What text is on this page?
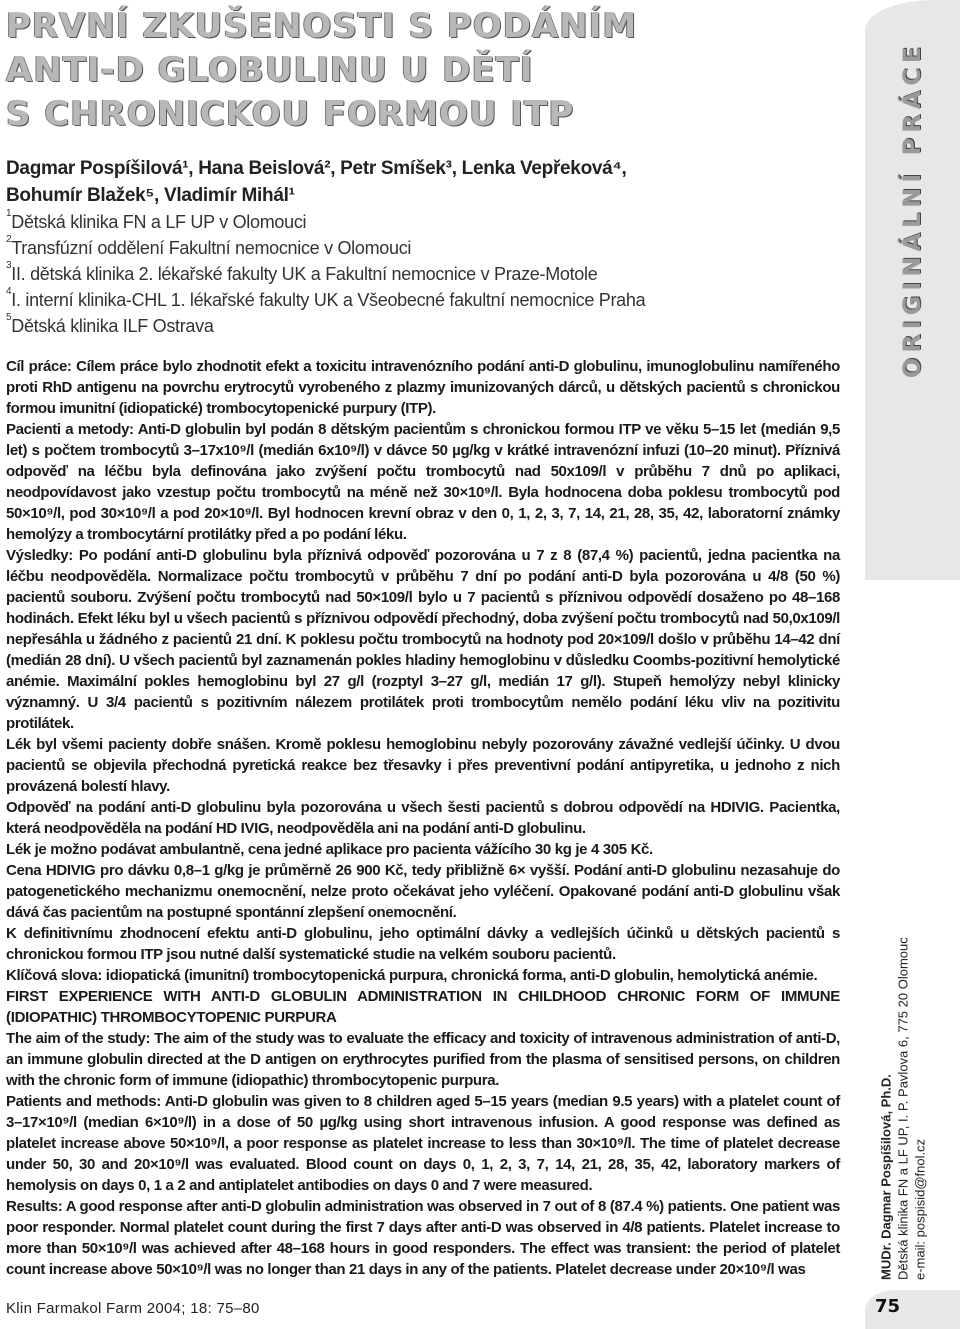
ORIGINÁLNÍ PRÁCE
PRVNÍ ZKUŠENOSTI S PODÁNÍM
ANTI-D GLOBULINU U DĚTÍ
S CHRONICKOU FORMOU ITP
Dagmar Pospíšilová¹, Hana Beislová², Petr Smíšek³, Lenka Vepřeková⁴,
Bohumír Blažek⁵, Vladimír Mihál¹
$^1$Dětská klinika FN a LF UP v Olomouci
$^2$Transfúzní oddělení Fakultní nemocnice v Olomouci
$^3$II. dětská klinika 2. lékařské fakulty UK a Fakultní nemocnice v Praze-Motole
$^4$I. interní klinika-CHL 1. lékařské fakulty UK a Všeobecné fakultní nemocnice Praha
$^5$Dětská klinika ILF Ostrava

Cíl práce: Cílem práce bylo zhodnotit efekt a toxicitu intravenózního podání anti-D globulinu, imunoglobulinu namířeného proti RhD antigenu na povrchu erytrocytů vyrobeného z plazmy imunizovaných dárců, u dětských pacientů s chronickou formou imunitní (idiopatické) trombocytopenické purpury (ITP).

Pacienti a metody: Anti-D globulin byl podán 8 dětským pacientům s chronickou formou ITP ve věku 5–15 let (medián 9,5 let) s počtem trombocytů 3–17x10⁹/l (medián 6x10⁹/l) v dávce 50 µg/kg v krátké intravenózní infuzi (10–20 minut). Příznivá odpověď na léčbu byla definována jako zvýšení počtu trombocytů nad 50x109/l v průběhu 7 dnů po aplikaci, neodpovídavost jako vzestup počtu trombocytů na méně než 30×10⁹/l. Byla hodnocena doba poklesu trombocytů pod 50×10⁹/l, pod 30×10⁹/l a pod 20×10⁹/l. Byl hodnocen krevní obraz v den 0, 1, 2, 3, 7, 14, 21, 28, 35, 42, laboratorní známky hemolýzy a trombocytární protilátky před a po podání léku.

Výsledky: Po podání anti-D globulinu byla příznivá odpověď pozorována u 7 z 8 (87,4 %) pacientů, jedna pacientka na léčbu neodpověděla. Normalizace počtu trombocytů v průběhu 7 dní po podání anti-D byla pozorována u 4/8 (50 %) pacientů souboru. Zvýšení počtu trombocytů nad 50×109/l bylo u 7 pacientů s příznivou odpovědí dosaženo po 48–168 hodinách. Efekt léku byl u všech pacientů s příznivou odpovědí přechodný, doba zvýšení počtu trombocytů nad 50,0x109/l nepřesáhla u žádného z pacientů 21 dní. K poklesu počtu trombocytů na hodnoty pod 20×109/l došlo v průběhu 14–42 dní (medián 28 dní). U všech pacientů byl zaznamenán pokles hladiny hemoglobinu v důsledku Coombs-pozitivní hemolytické anémie. Maximální pokles hemoglobinu byl 27 g/l (rozptyl 3–27 g/l, medián 17 g/l). Stupeň hemolýzy nebyl klinicky významný. U 3/4 pacientů s pozitivním nálezem protilátek proti trombocytům nemělo podání léku vliv na pozitivitu protilátek.

Lék byl všemi pacienty dobře snášen. Kromě poklesu hemoglobinu nebyly pozorovány závažné vedlejší účinky. U dvou pacientů se objevila přechodná pyretická reakce bez třesavky i přes preventivní podání antipyretika, u jednoho z nich provázená bolestí hlavy.

Odpověď na podání anti-D globulinu byla pozorována u všech šesti pacientů s dobrou odpovědí na HDIVIG. Pacientka, která neodpověděla na podání HD IVIG, neodpověděla ani na podání anti-D globulinu.

Lék je možno podávat ambulantně, cena jedné aplikace pro pacienta vážícího 30 kg je 4 305 Kč.

Cena HDIVIG pro dávku 0,8–1 g/kg je průměrně 26 900 Kč, tedy přibližně 6× vyšší. Podání anti-D globulinu nezasahuje do patogenetického mechanizmu onemocnění, nelze proto očekávat jeho vyléčení. Opakované podání anti-D globulinu však dává čas pacientům na postupné spontánní zlepšení onemocnění.

K definitivnímu zhodnocení efektu anti-D globulinu, jeho optimální dávky a vedlejších účinků u dětských pacientů s chronickou formou ITP jsou nutné další systematické studie na velkém souboru pacientů.

Klíčová slova: idiopatická (imunitní) trombocytopenická purpura, chronická forma, anti-D globulin, hemolytická anémie.

FIRST EXPERIENCE WITH ANTI-D GLOBULIN ADMINISTRATION IN CHILDHOOD CHRONIC FORM OF IMMUNE (IDIOPATHIC) THROMBOCYTOPENIC PURPURA

The aim of the study: The aim of the study was to evaluate the efficacy and toxicity of intravenous administration of anti-D, an immune globulin directed at the D antigen on erythrocytes purified from the plasma of sensitised persons, on children with the chronic form of immune (idiopathic) thrombocytopenic purpura.

Patients and methods: Anti-D globulin was given to 8 children aged 5–15 years (median 9.5 years) with a platelet count of 3–17×10⁹/l (median 6×10⁹/l) in a dose of 50 µg/kg using short intravenous infusion. A good response was defined as platelet increase above 50×10⁹/l, a poor response as platelet increase to less than 30×10⁹/l. The time of platelet decrease under 50, 30 and 20×10⁹/l was evaluated. Blood count on days 0, 1, 2, 3, 7, 14, 21, 28, 35, 42, laboratory markers of hemolysis on days 0, 1 a 2 and antiplatelet antibodies on days 0 and 7 were measured.

Results: A good response after anti-D globulin administration was observed in 7 out of 8 (87.4 %) patients. One patient was poor responder. Normal platelet count during the first 7 days after anti-D was observed in 4/8 patients. Platelet increase to more than 50×10⁹/l was achieved after 48–168 hours in good responders. The effect was transient: the period of platelet count increase above 50×10⁹/l was no longer than 21 days in any of the patients. Platelet decrease under 20×10⁹/l was	MUDr. Dagmar Pospíšilová, Ph.D. Dětská klinika FN a LF UP, I. P. Pavlova 6, 775 20 Olomouc e-mail: pospisid@fnol.cz
Klin Farmakol Farm 2004; 18: 75–80	75
